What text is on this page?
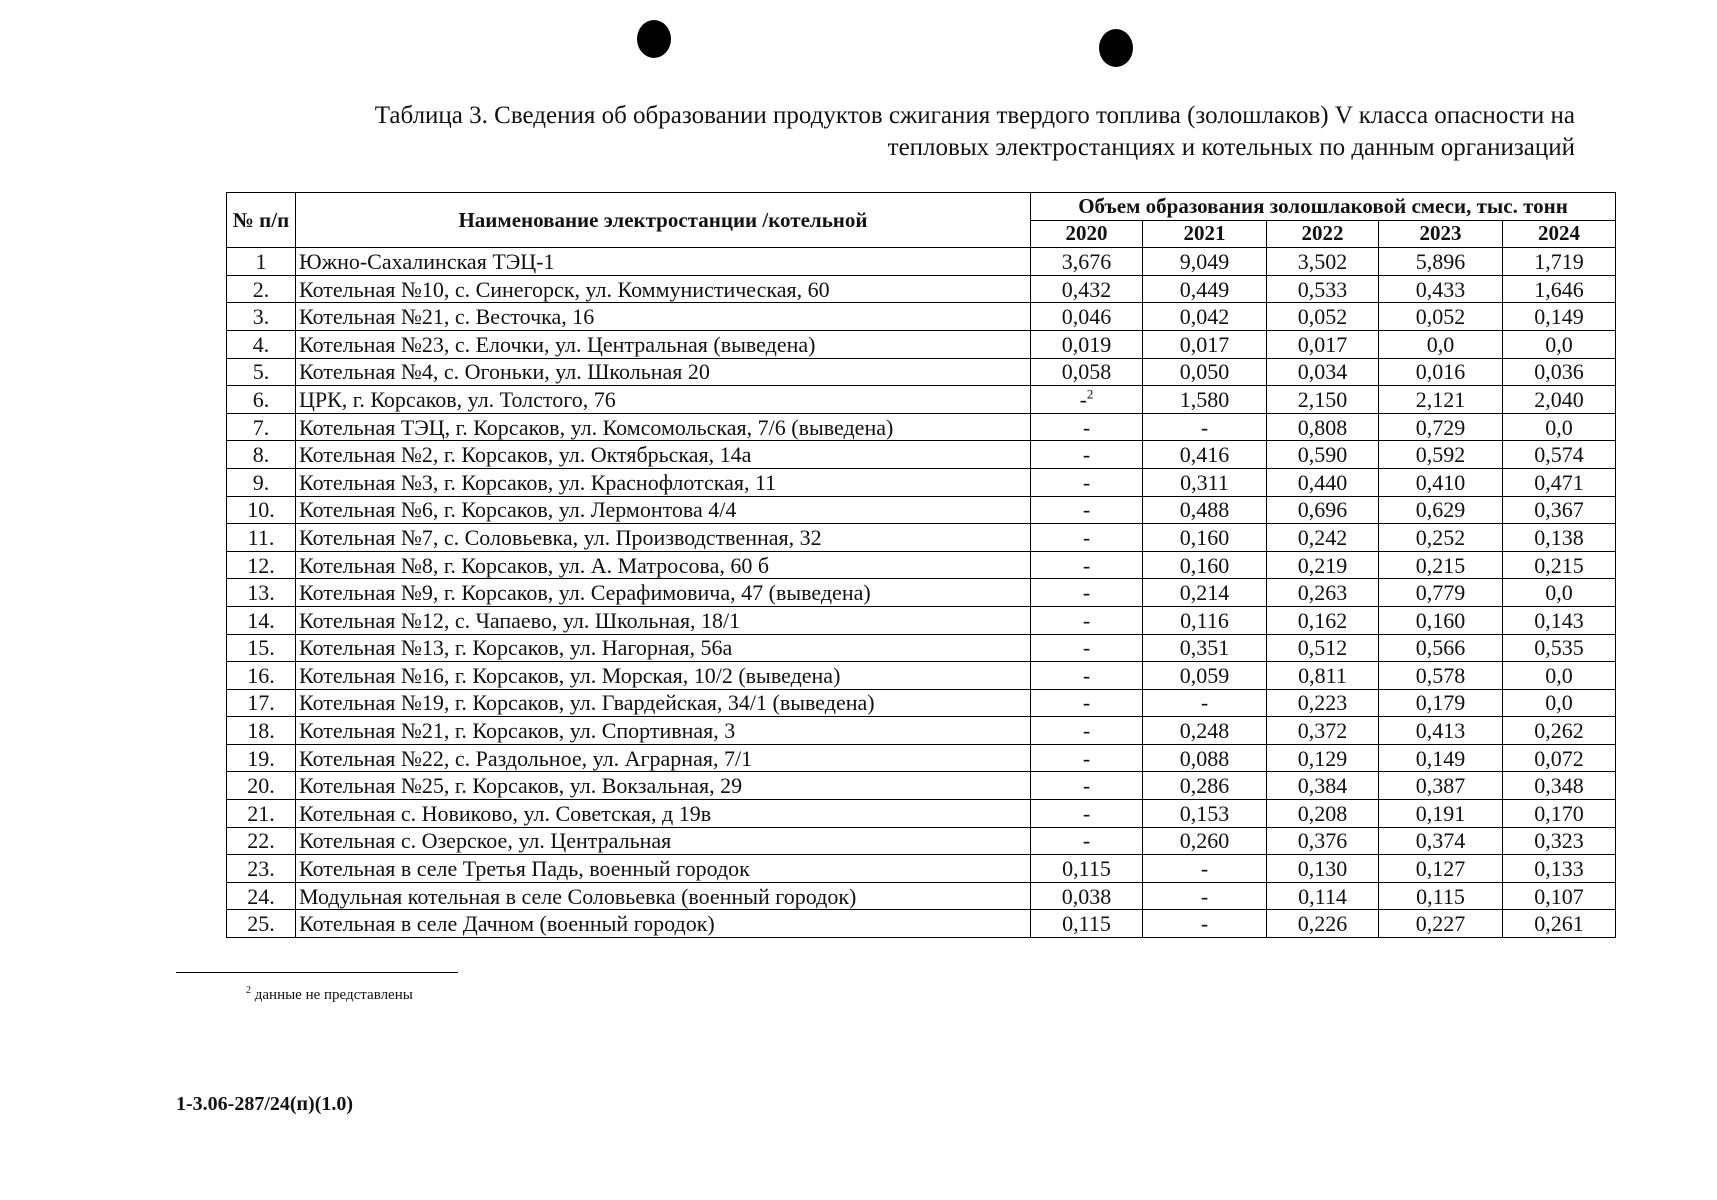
Таблица 3. Сведения об образовании продуктов сжигания твердого топлива (золошлаков) V класса опасности на
тепловых электростанциях и котельных по данным организаций
№ п/п	Наименование электростанции /котельной	Объем образования золошлаковой смеси, тыс. тонн				
		2020	2021	2022	2023	2024
1	Южно-Сахалинская ТЭЦ-1	3,676	9,049	3,502	5,896	1,719
2.	Котельная №10, с. Синегорск, ул. Коммунистическая, 60	0,432	0,449	0,533	0,433	1,646
3.	Котельная №21, с. Весточка, 16	0,046	0,042	0,052	0,052	0,149
4.	Котельная №23, с. Елочки, ул. Центральная (выведена)	0,019	0,017	0,017	0,0	0,0
5.	Котельная №4, с. Огоньки, ул. Школьная 20	0,058	0,050	0,034	0,016	0,036
6.	ЦРК, г. Корсаков, ул. Толстого, 76	-$^2$	1,580	2,150	2,121	2,040
7.	Котельная ТЭЦ, г. Корсаков, ул. Комсомольская, 7/6 (выведена)	-	-	0,808	0,729	0,0
8.	Котельная №2, г. Корсаков, ул. Октябрьская, 14а	-	0,416	0,590	0,592	0,574
9.	Котельная №3, г. Корсаков, ул. Краснофлотская, 11	-	0,311	0,440	0,410	0,471
10.	Котельная №6, г. Корсаков, ул. Лермонтова 4/4	-	0,488	0,696	0,629	0,367
11.	Котельная №7, с. Соловьевка, ул. Производственная, 32	-	0,160	0,242	0,252	0,138
12.	Котельная №8, г. Корсаков, ул. А. Матросова, 60 б	-	0,160	0,219	0,215	0,215
13.	Котельная №9, г. Корсаков, ул. Серафимовича, 47 (выведена)	-	0,214	0,263	0,779	0,0
14.	Котельная №12, с. Чапаево, ул. Школьная, 18/1	-	0,116	0,162	0,160	0,143
15.	Котельная №13, г. Корсаков, ул. Нагорная, 56а	-	0,351	0,512	0,566	0,535
16.	Котельная №16, г. Корсаков, ул. Морская, 10/2 (выведена)	-	0,059	0,811	0,578	0,0
17.	Котельная №19, г. Корсаков, ул. Гвардейская, 34/1 (выведена)	-	-	0,223	0,179	0,0
18.	Котельная №21, г. Корсаков, ул. Спортивная, 3	-	0,248	0,372	0,413	0,262
19.	Котельная №22, с. Раздольное, ул. Аграрная, 7/1	-	0,088	0,129	0,149	0,072
20.	Котельная №25, г. Корсаков, ул. Вокзальная, 29	-	0,286	0,384	0,387	0,348
21.	Котельная с. Новиково, ул. Советская, д 19в	-	0,153	0,208	0,191	0,170
22.	Котельная с. Озерское, ул. Центральная	-	0,260	0,376	0,374	0,323
23.	Котельная в селе Третья Падь, военный городок	0,115	-	0,130	0,127	0,133
24.	Модульная котельная в селе Соловьевка (военный городок)	0,038	-	0,114	0,115	0,107
25.	Котельная в селе Дачном (военный городок)	0,115	-	0,226	0,227	0,261
$^2$ данные не представлены
1-3.06-287/24(п)(1.0)
